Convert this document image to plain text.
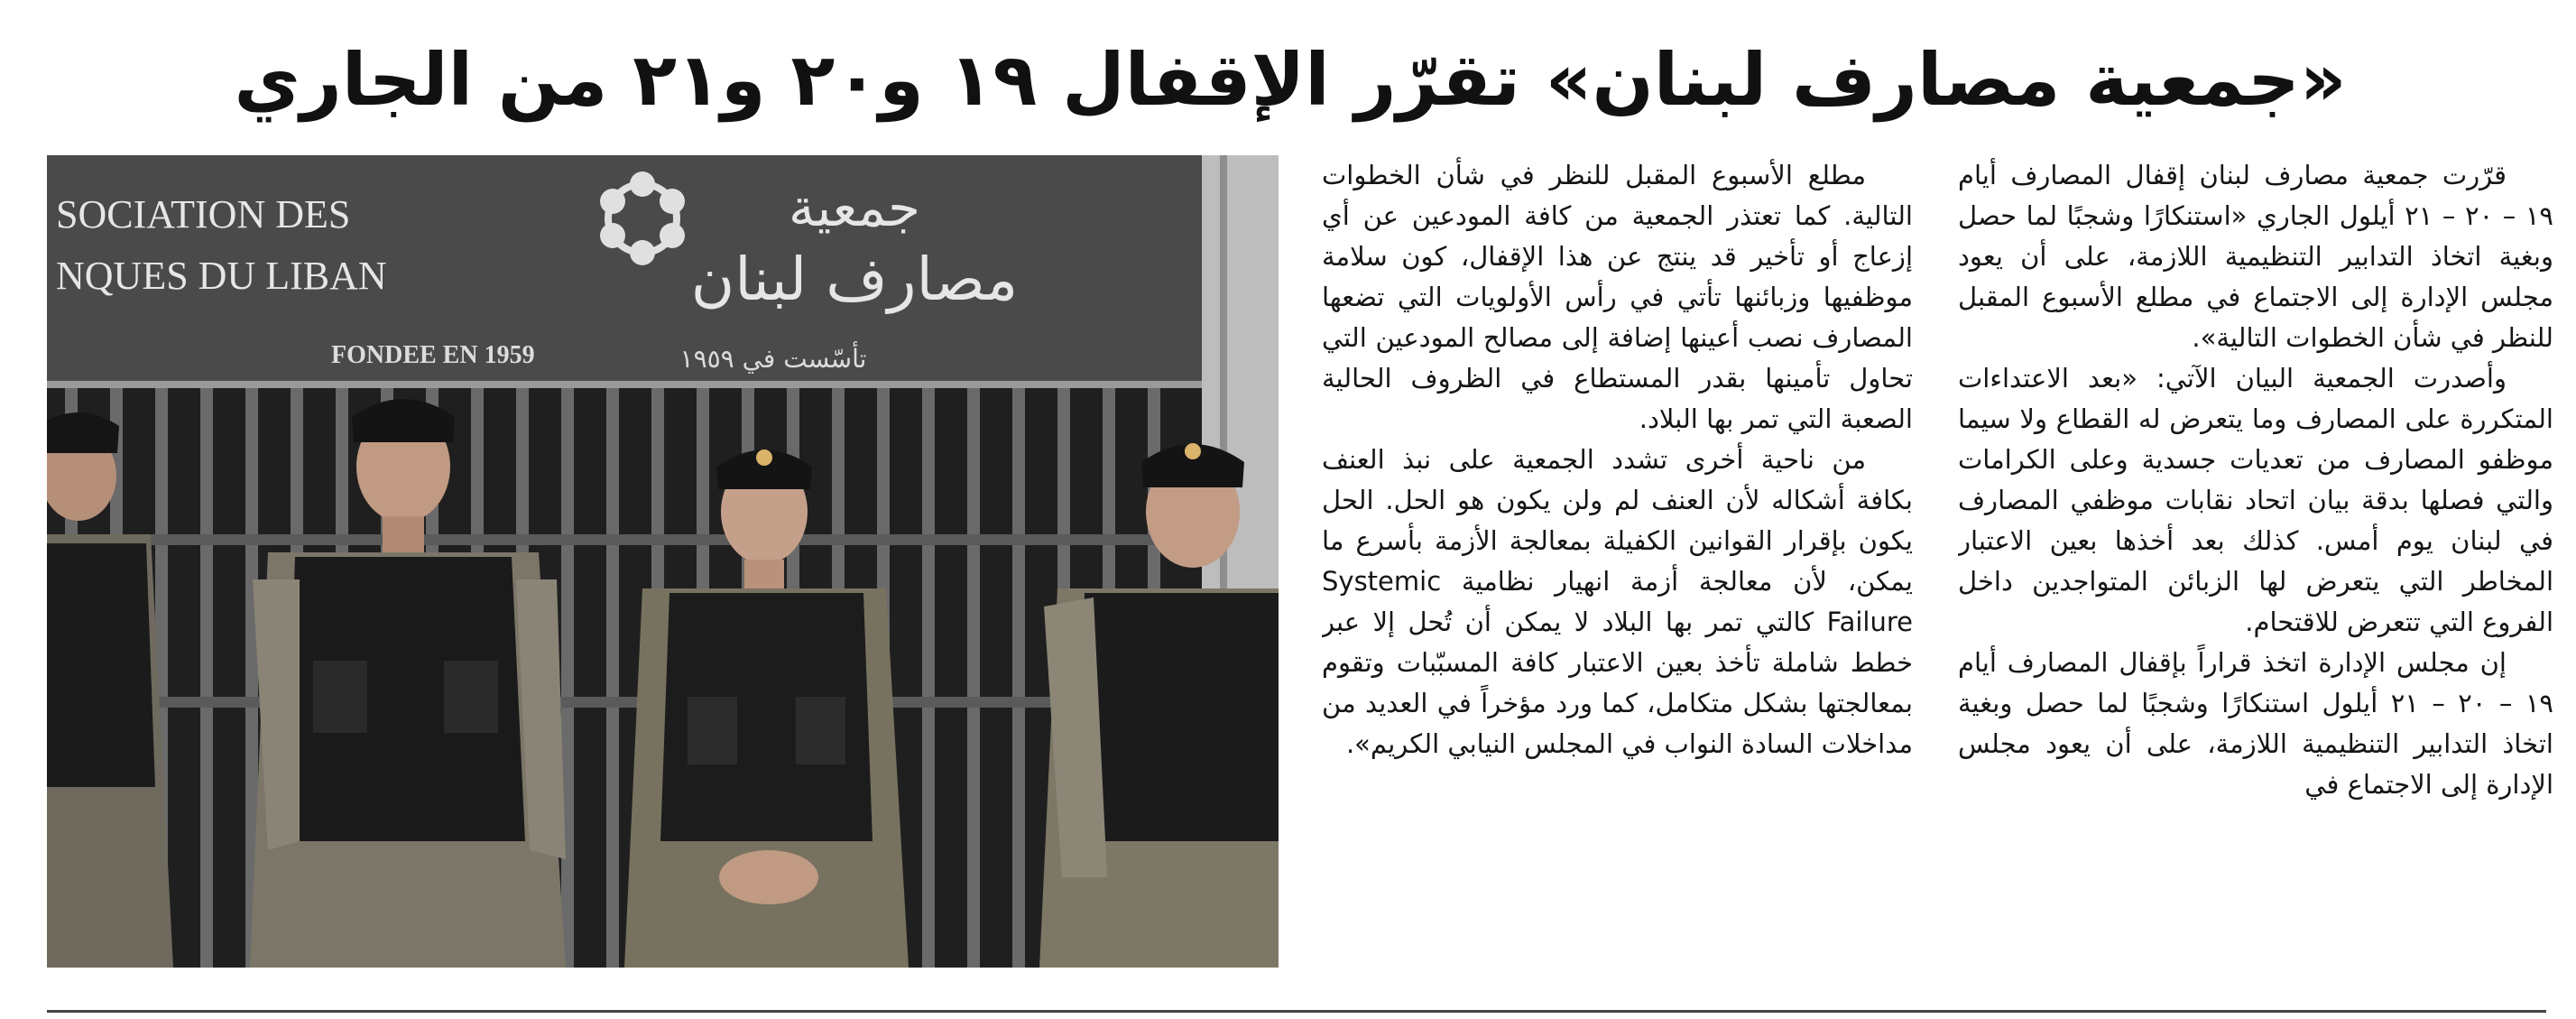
«جمعية مصارف لبنان» تقرّر الإقفال ١٩ و٢٠ و٢١ من الجاري

قرّرت جمعية مصارف لبنان إقفال المصارف أيام ١٩ – ٢٠ – ٢١ أيلول الجاري «استنكارًا وشجبًا لما حصل وبغية اتخاذ التدابير التنظيمية اللازمة، على أن يعود مجلس الإدارة إلى الاجتماع في مطلع الأسبوع المقبل للنظر في شأن الخطوات التالية».

وأصدرت الجمعية البيان الآتي: «بعد الاعتداءات المتكررة على المصارف وما يتعرض له القطاع ولا سيما موظفو المصارف من تعديات جسدية وعلى الكرامات والتي فصلها بدقة بيان اتحاد نقابات موظفي المصارف في لبنان يوم أمس. كذلك بعد أخذها بعين الاعتبار المخاطر التي يتعرض لها الزبائن المتواجدين داخل الفروع التي تتعرض للاقتحام.

إن مجلس الإدارة اتخذ قراراً بإقفال المصارف أيام ١٩ – ٢٠ – ٢١ أيلول استنكارًا وشجبًا لما حصل وبغية اتخاذ التدابير التنظيمية اللازمة، على أن يعود مجلس الإدارة إلى الاجتماع في

مطلع الأسبوع المقبل للنظر في شأن الخطوات التالية. كما تعتذر الجمعية من كافة المودعين عن أي إزعاج أو تأخير قد ينتج عن هذا الإقفال، كون سلامة موظفيها وزبائنها تأتي في رأس الأولويات التي تضعها المصارف نصب أعينها إضافة إلى مصالح المودعين التي تحاول تأمينها بقدر المستطاع في الظروف الحالية الصعبة التي تمر بها البلاد.

من ناحية أخرى تشدد الجمعية على نبذ العنف بكافة أشكاله لأن العنف لم ولن يكون هو الحل. الحل يكون بإقرار القوانين الكفيلة بمعالجة الأزمة بأسرع ما يمكن، لأن معالجة أزمة انهيار نظامية Systemic Failure كالتي تمر بها البلاد لا يمكن أن تُحل إلا عبر خطط شاملة تأخذ بعين الاعتبار كافة المسبّبات وتقوم بمعالجتها بشكل متكامل، كما ورد مؤخراً في العديد من مداخلات السادة النواب في المجلس النيابي الكريم».

SOCIATION DES
NQUES DU LIBAN
FONDEE EN 1959
جمعية
مصارف لبنان
تأسّست في ١٩٥٩
